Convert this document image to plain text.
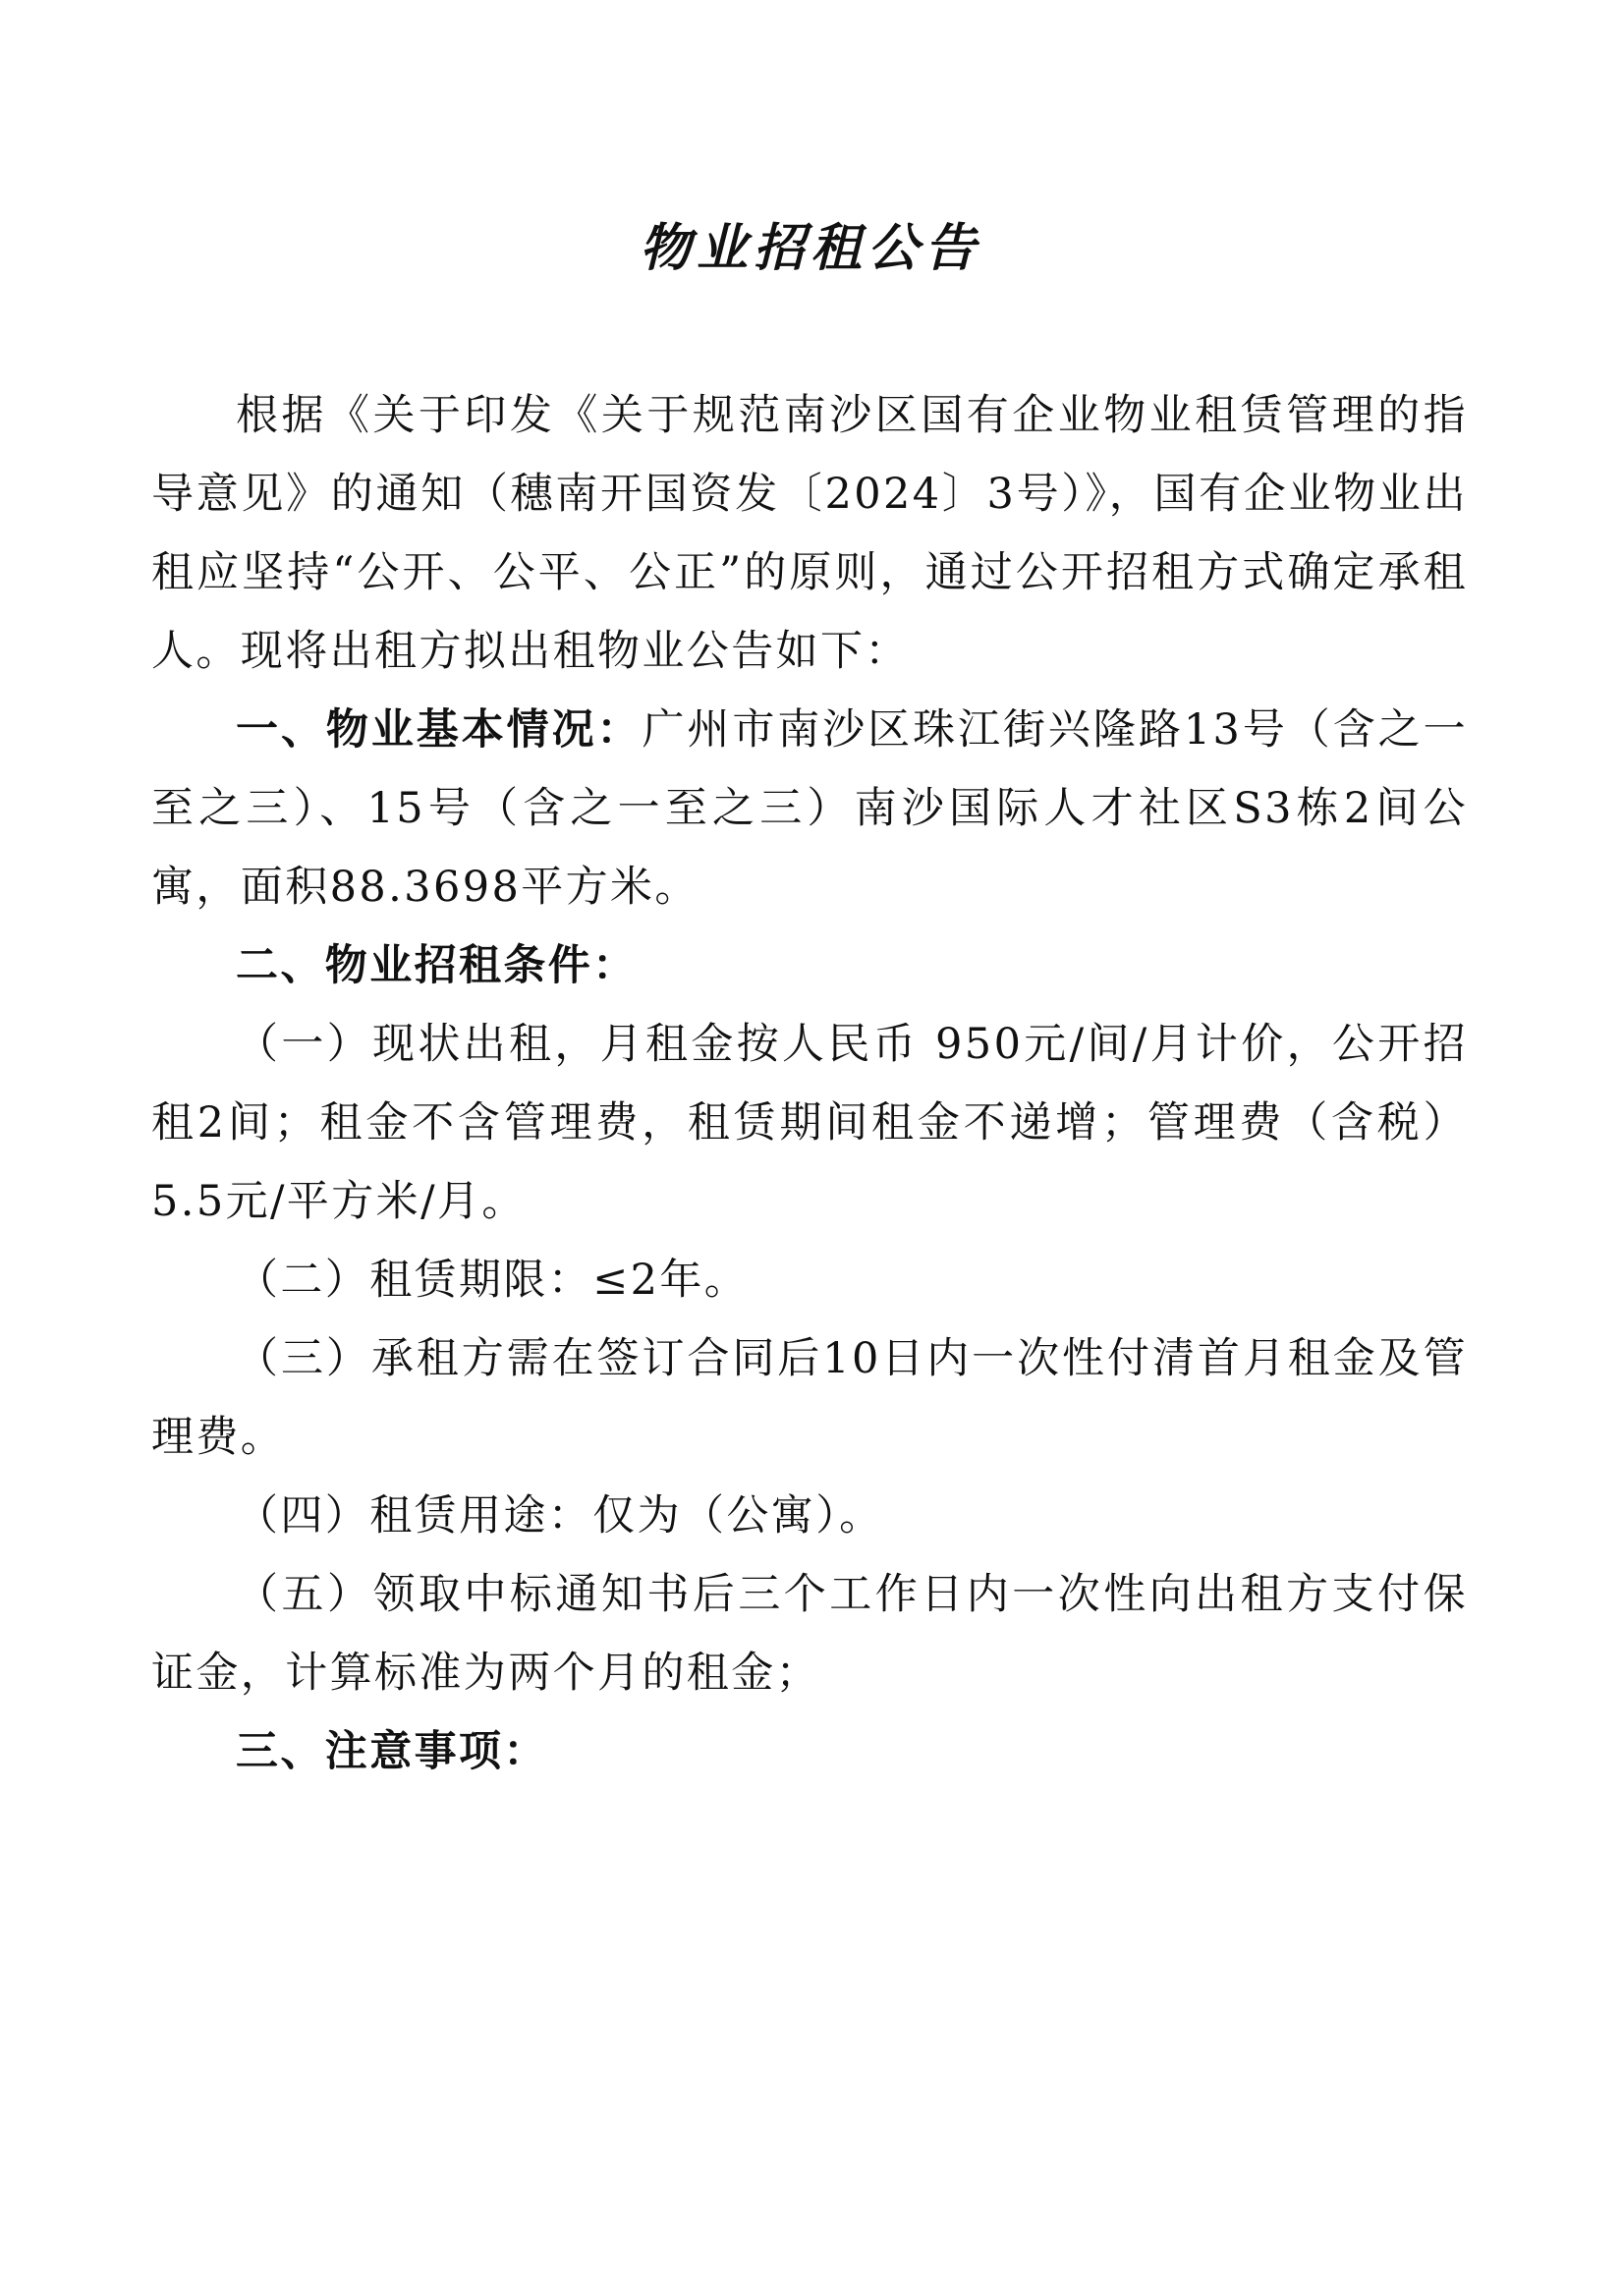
物业招租公告

根据《关于印发《关于规范南沙区国有企业物业租赁管理的指导意见》的通知（穗南开国资发〔2024〕3号）》，国有企业物业出租应坚持“公开、公平、公正”的原则，通过公开招租方式确定承租人。现将出租方拟出租物业公告如下：

一、物业基本情况：广州市南沙区珠江街兴隆路13号（含之一至之三）、15号（含之一至之三）南沙国际人才社区S3栋2间公寓，面积88.3698平方米。

二、物业招租条件：

（一）现状出租，月租金按人民币 950元/间/月计价，公开招租2间；租金不含管理费，租赁期间租金不递增；管理费（含税）5.5元/平方米/月。

（二）租赁期限：≤2年。

（三）承租方需在签订合同后10日内一次性付清首月租金及管理费。

（四）租赁用途：仅为（公寓）。

（五）领取中标通知书后三个工作日内一次性向出租方支付保证金，计算标准为两个月的租金；

三、注意事项：
